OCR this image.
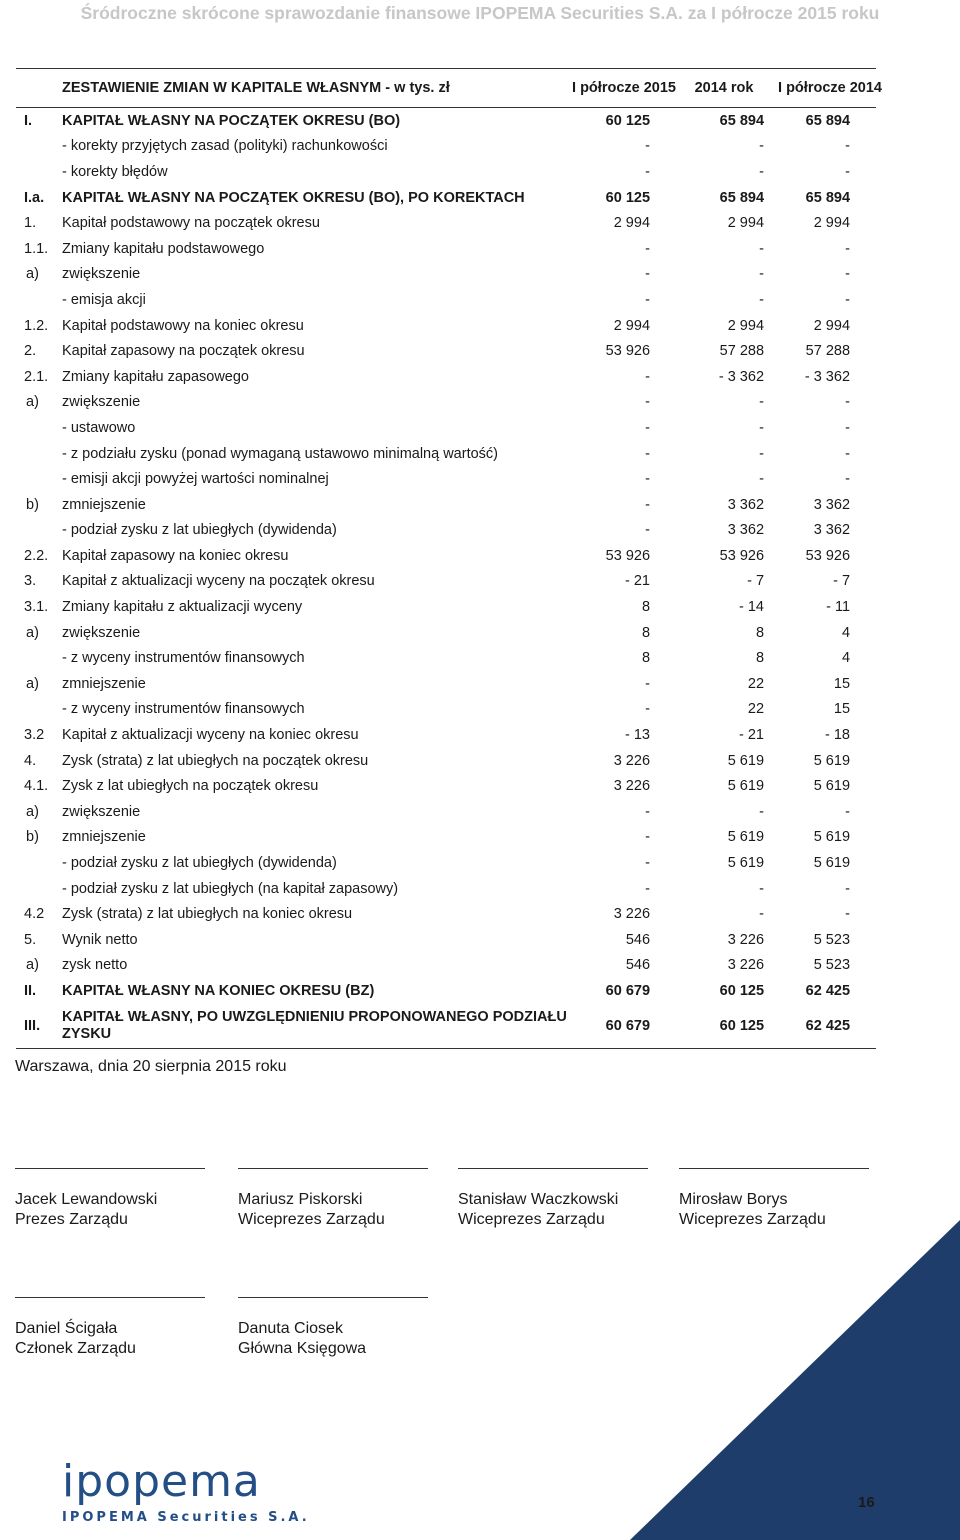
Śródroczne skrócone sprawozdanie finansowe IPOPEMA Securities S.A. za I półrocze 2015 roku
ZESTAWIENIE ZMIAN W KAPITALE WŁASNYM - w tys. zł		I półrocze 2015	2014 rok	I półrocze 2014
I.	KAPITAŁ WŁASNY NA POCZĄTEK OKRESU (BO)	60 125	65 894	65 894
	- korekty przyjętych zasad (polityki) rachunkowości	-	-	-
	- korekty błędów	-	-	-
I.a.	KAPITAŁ WŁASNY NA POCZĄTEK OKRESU (BO), PO KOREKTACH	60 125	65 894	65 894
1.	Kapitał podstawowy na początek okresu	2 994	2 994	2 994
1.1.	Zmiany kapitału podstawowego	-	-	-
a)	zwiększenie	-	-	-
	- emisja akcji	-	-	-
1.2.	Kapitał podstawowy na koniec okresu	2 994	2 994	2 994
2.	Kapitał zapasowy na początek okresu	53 926	57 288	57 288
2.1.	Zmiany kapitału zapasowego	-	- 3 362	- 3 362
a)	zwiększenie	-	-	-
	- ustawowo	-	-	-
	- z podziału zysku (ponad wymaganą ustawowo minimalną wartość)	-	-	-
	- emisji akcji powyżej wartości nominalnej	-	-	-
b)	zmniejszenie	-	3 362	3 362
	- podział zysku z lat ubiegłych (dywidenda)	-	3 362	3 362
2.2.	Kapitał zapasowy na koniec okresu	53 926	53 926	53 926
3.	Kapitał z aktualizacji wyceny na początek okresu	- 21	- 7	- 7
3.1.	Zmiany kapitału z aktualizacji wyceny	8	- 14	- 11
a)	zwiększenie	8	8	4
	- z wyceny instrumentów finansowych	8	8	4
a)	zmniejszenie	-	22	15
	- z wyceny instrumentów finansowych	-	22	15
3.2	Kapitał z aktualizacji wyceny na koniec okresu	- 13	- 21	- 18
4.	Zysk (strata) z lat ubiegłych na początek okresu	3 226	5 619	5 619
4.1.	Zysk z lat ubiegłych na początek okresu	3 226	5 619	5 619
a)	zwiększenie	-	-	-
b)	zmniejszenie	-	5 619	5 619
	- podział zysku z lat ubiegłych (dywidenda)	-	5 619	5 619
	- podział zysku z lat ubiegłych (na kapitał zapasowy)	-	-	-
4.2	Zysk (strata) z lat ubiegłych na koniec okresu	3 226	-	-
5.	Wynik netto	546	3 226	5 523
a)	zysk netto	546	3 226	5 523
II.	KAPITAŁ WŁASNY NA KONIEC OKRESU (BZ)	60 679	60 125	62 425
III.	KAPITAŁ WŁASNY, PO UWZGLĘDNIENIU PROPONOWANEGO PODZIAŁU ZYSKU	60 679	60 125	62 425
Warszawa, dnia 20 sierpnia 2015 roku
Jacek Lewandowski
Prezes Zarządu
Mariusz Piskorski
Wiceprezes Zarządu
Stanisław Waczkowski
Wiceprezes Zarządu
Mirosław Borys
Wiceprezes Zarządu
Daniel Ścigała
Członek Zarządu
Danuta Ciosek
Główna Księgowa
ipopema
IPOPEMA Securities S.A.
16
